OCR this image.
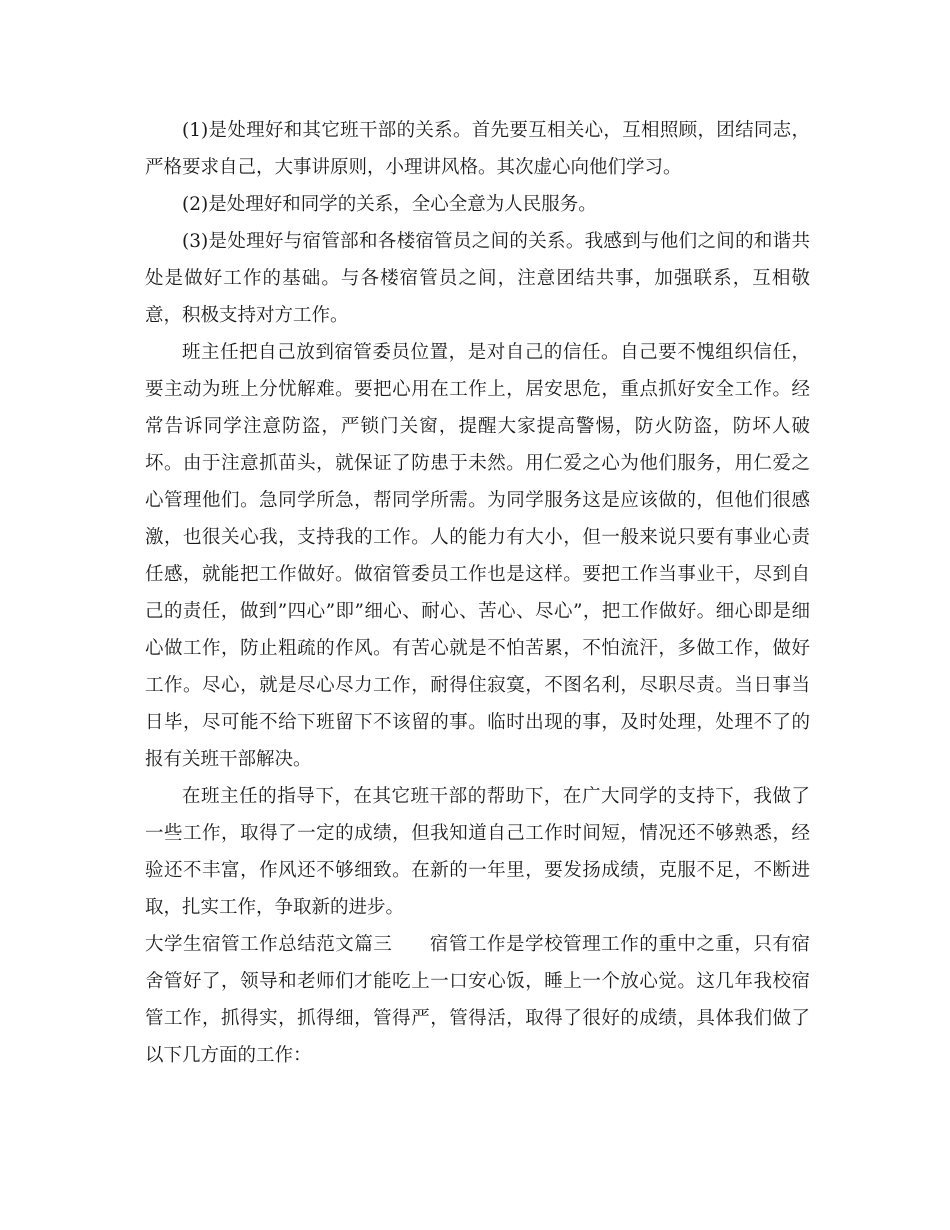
(1)是处理好和其它班干部的关系。首先要互相关心，互相照顾，团结同志，严格要求自己，大事讲原则，小理讲风格。其次虚心向他们学习。

(2)是处理好和同学的关系，全心全意为人民服务。

(3)是处理好与宿管部和各楼宿管员之间的关系。我感到与他们之间的和谐共处是做好工作的基础。与各楼宿管员之间，注意团结共事，加强联系，互相敬意，积极支持对方工作。

班主任把自己放到宿管委员位置，是对自己的信任。自己要不愧组织信任，要主动为班上分忧解难。要把心用在工作上，居安思危，重点抓好安全工作。经常告诉同学注意防盗，严锁门关窗，提醒大家提高警惕，防火防盗，防坏人破坏。由于注意抓苗头，就保证了防患于未然。用仁爱之心为他们服务，用仁爱之心管理他们。急同学所急，帮同学所需。为同学服务这是应该做的，但他们很感激，也很关心我，支持我的工作。人的能力有大小，但一般来说只要有事业心责任感，就能把工作做好。做宿管委员工作也是这样。要把工作当事业干，尽到自己的责任，做到”四心”即”细心、耐心、苦心、尽心”，把工作做好。细心即是细心做工作，防止粗疏的作风。有苦心就是不怕苦累，不怕流汗，多做工作，做好工作。尽心，就是尽心尽力工作，耐得住寂寞，不图名利，尽职尽责。当日事当日毕，尽可能不给下班留下不该留的事。临时出现的事，及时处理，处理不了的报有关班干部解决。

在班主任的指导下，在其它班干部的帮助下，在广大同学的支持下，我做了一些工作，取得了一定的成绩，但我知道自己工作时间短，情况还不够熟悉，经验还不丰富，作风还不够细致。在新的一年里，要发扬成绩，克服不足，不断进取，扎实工作，争取新的进步。

大学生宿管工作总结范文篇三 宿管工作是学校管理工作的重中之重，只有宿舍管好了，领导和老师们才能吃上一口安心饭，睡上一个放心觉。这几年我校宿管工作，抓得实，抓得细，管得严，管得活，取得了很好的成绩，具体我们做了以下几方面的工作：
